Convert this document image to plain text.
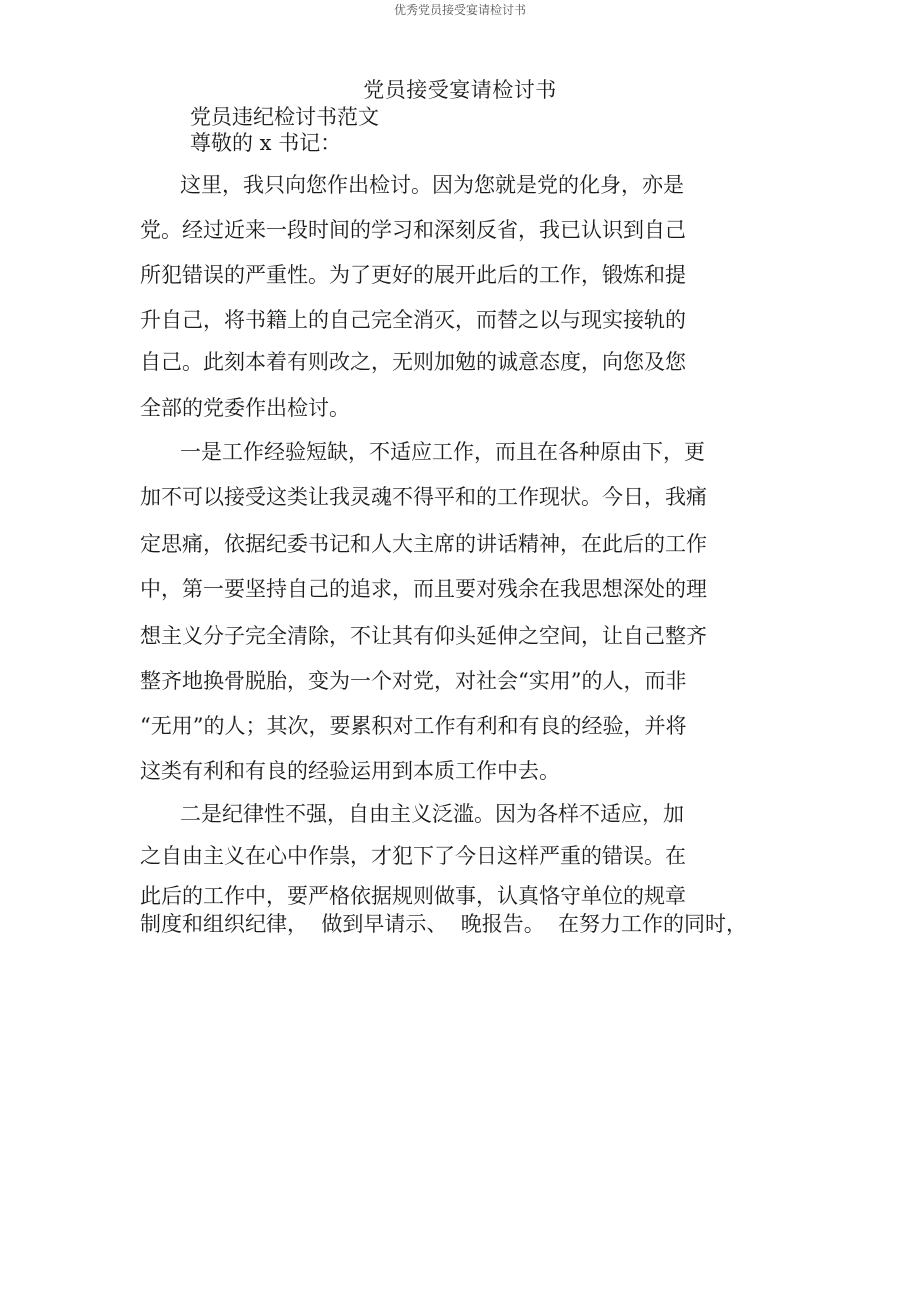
优秀党员接受宴请检讨书
党员接受宴请检讨书
党员违纪检讨书范文
尊敬的 x 书记：
这里，我只向您作出检讨。因为您就是党的化身，亦是
党。经过近来一段时间的学习和深刻反省，我已认识到自己
所犯错误的严重性。为了更好的展开此后的工作，锻炼和提
升自己，将书籍上的自己完全消灭，而替之以与现实接轨的
自己。此刻本着有则改之，无则加勉的诚意态度，向您及您
全部的党委作出检讨。
一是工作经验短缺，不适应工作，而且在各种原由下，更
加不可以接受这类让我灵魂不得平和的工作现状。今日，我痛
定思痛，依据纪委书记和人大主席的讲话精神，在此后的工作
中，第一要坚持自己的追求，而且要对残余在我思想深处的理
想主义分子完全清除，不让其有仰头延伸之空间，让自己整齐
整齐地换骨脱胎，变为一个对党，对社会“实用”的人，而非
“无用”的人；其次，要累积对工作有利和有良的经验，并将
这类有利和有良的经验运用到本质工作中去。
二是纪律性不强，自由主义泛滥。因为各样不适应，加
之自由主义在心中作祟，才犯下了今日这样严重的错误。在
此后的工作中，要严格依据规则做事，认真恪守单位的规章
制度和组织纪律，  做到早请示、  晚报告。  在努力工作的同时，
